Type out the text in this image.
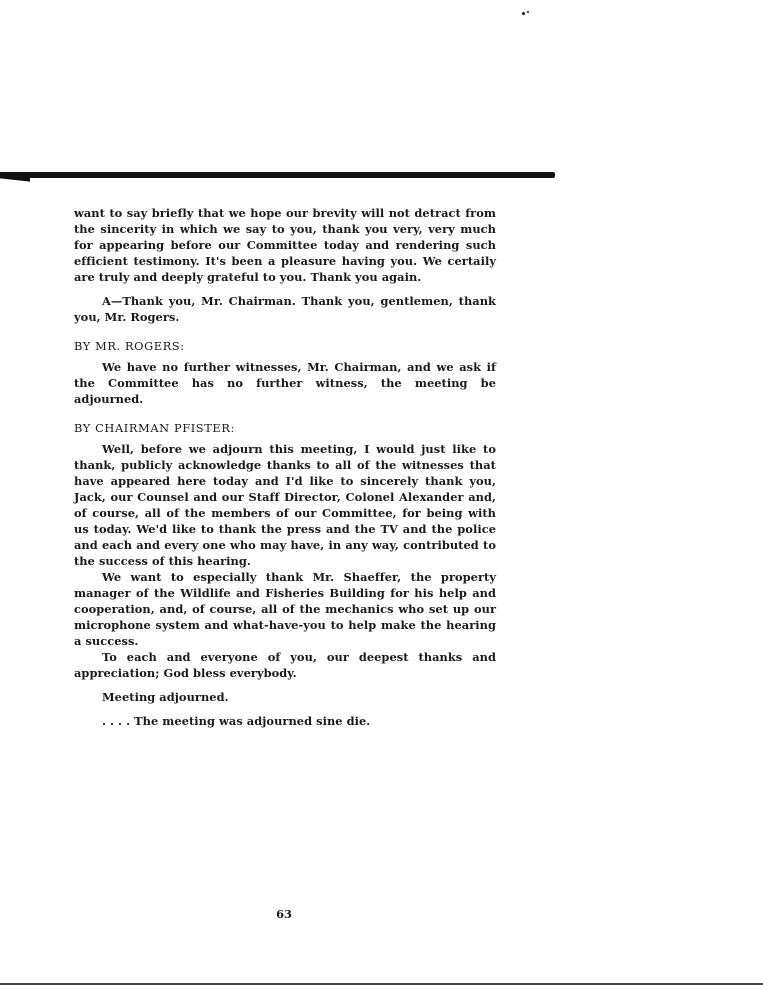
want to say briefly that we hope our brevity will not detract from the sincerity in which we say to you, thank you very, very much for appearing before our Committee today and rendering such efficient testimony. It's been a pleasure having you. We certaily are truly and deeply grateful to you. Thank you again.

A—Thank you, Mr. Chairman. Thank you, gentlemen, thank you, Mr. Rogers.

BY MR. ROGERS:

We have no further witnesses, Mr. Chairman, and we ask if the Committee has no further witness, the meeting be adjourned.

BY CHAIRMAN PFISTER:

Well, before we adjourn this meeting, I would just like to thank, publicly acknowledge thanks to all of the witnesses that have appeared here today and I'd like to sincerely thank you, Jack, our Counsel and our Staff Director, Colonel Alexander and, of course, all of the members of our Committee, for being with us today. We'd like to thank the press and the TV and the police and each and every one who may have, in any way, contributed to the success of this hearing.

We want to especially thank Mr. Shaeffer, the property manager of the Wildlife and Fisheries Building for his help and cooperation, and, of course, all of the mechanics who set up our microphone system and what-have-you to help make the hearing a success.

To each and everyone of you, our deepest thanks and appreciation; God bless everybody.

Meeting adjourned.

. . . . The meeting was adjourned sine die.

63
